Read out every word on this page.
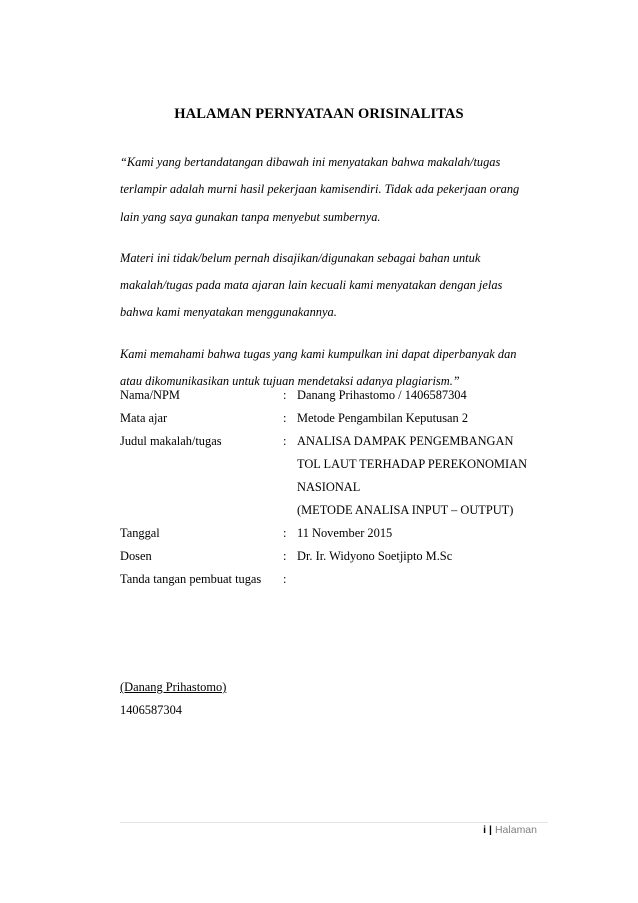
HALAMAN PERNYATAAN ORISINALITAS

“Kami yang bertandatangan dibawah ini menyatakan bahwa makalah/tugas
terlampir adalah murni hasil pekerjaan kamisendiri. Tidak ada pekerjaan orang
lain yang saya gunakan tanpa menyebut sumbernya.

Materi ini tidak/belum pernah disajikan/digunakan sebagai bahan untuk
makalah/tugas pada mata ajaran lain kecuali kami menyatakan dengan jelas
bahwa kami menyatakan menggunakannya.

Kami memahami bahwa tugas yang kami kumpulkan ini dapat diperbanyak dan
atau dikomunikasikan untuk tujuan mendetaksi adanya plagiarism.”

Nama/NPM	: Danang Prihastomo / 1406587304
Mata ajar	: Metode Pengambilan Keputusan 2
Judul makalah/tugas	: ANALISA DAMPAK PENGEMBANGAN
TOL LAUT TERHADAP PEREKONOMIAN
NASIONAL
(METODE ANALISA INPUT – OUTPUT)
Tanggal	: 11 November 2015
Dosen	: Dr. Ir. Widyono Soetjipto M.Sc
Tanda tangan pembuat tugas	:
(Danang Prihastomo)
1406587304
i | Halaman
